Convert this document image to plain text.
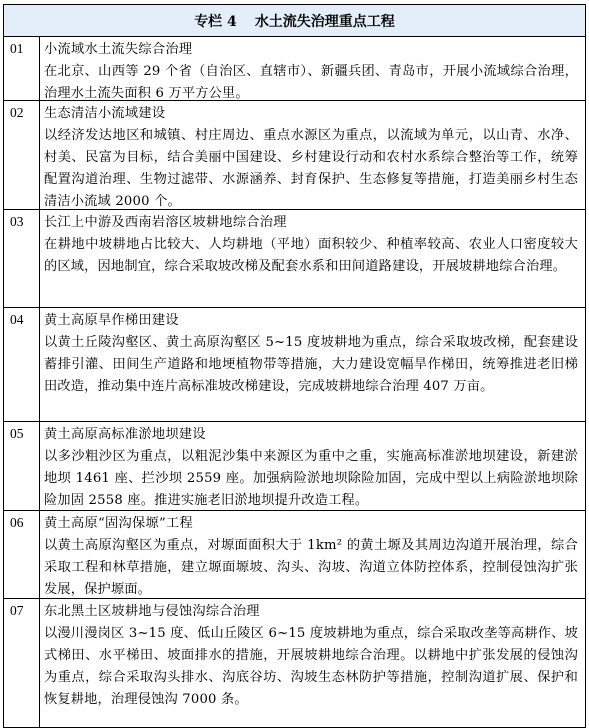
专栏 4 水土流失治理重点工程
01	小流域水土流失综合治理
在北京、山西等 29 个省（自治区、直辖市）、新疆兵团、青岛市，开展小流域综合治理，治理水土流失面积 6 万平方公里。
02	生态清洁小流域建设
以经济发达地区和城镇、村庄周边、重点水源区为重点，以流域为单元，以山青、水净、村美、民富为目标，结合美丽中国建设、乡村建设行动和农村水系综合整治等工作，统筹配置沟道治理、生物过滤带、水源涵养、封育保护、生态修复等措施，打造美丽乡村生态清洁小流域 2000 个。
03	长江上中游及西南岩溶区坡耕地综合治理
在耕地中坡耕地占比较大、人均耕地（平地）面积较少、种植率较高、农业人口密度较大的区域，因地制宜，综合采取坡改梯及配套水系和田间道路建设，开展坡耕地综合治理。
04	黄土高原旱作梯田建设
以黄土丘陵沟壑区、黄土高原沟壑区 5~15 度坡耕地为重点，综合采取坡改梯，配套建设蓄排引灌、田间生产道路和地埂植物带等措施，大力建设宽幅旱作梯田，统筹推进老旧梯田改造，推动集中连片高标准坡改梯建设，完成坡耕地综合治理 407 万亩。
05	黄土高原高标准淤地坝建设
以多沙粗沙区为重点，以粗泥沙集中来源区为重中之重，实施高标准淤地坝建设，新建淤地坝 1461 座、拦沙坝 2559 座。加强病险淤地坝除险加固，完成中型以上病险淤地坝除险加固 2558 座。推进实施老旧淤地坝提升改造工程。
06	黄土高原“固沟保塬”工程
以黄土高原沟壑区为重点，对塬面面积大于 1km² 的黄土塬及其周边沟道开展治理，综合采取工程和林草措施，建立塬面塬坡、沟头、沟坡、沟道立体防控体系，控制侵蚀沟扩张发展，保护塬面。
07	东北黑土区坡耕地与侵蚀沟综合治理
以漫川漫岗区 3~15 度、低山丘陵区 6~15 度坡耕地为重点，综合采取改垄等高耕作、坡式梯田、水平梯田、坡面排水的措施，开展坡耕地综合治理。以耕地中扩张发展的侵蚀沟为重点，综合采取沟头排水、沟底谷坊、沟坡生态林防护等措施，控制沟道扩展、保护和恢复耕地，治理侵蚀沟 7000 条。
